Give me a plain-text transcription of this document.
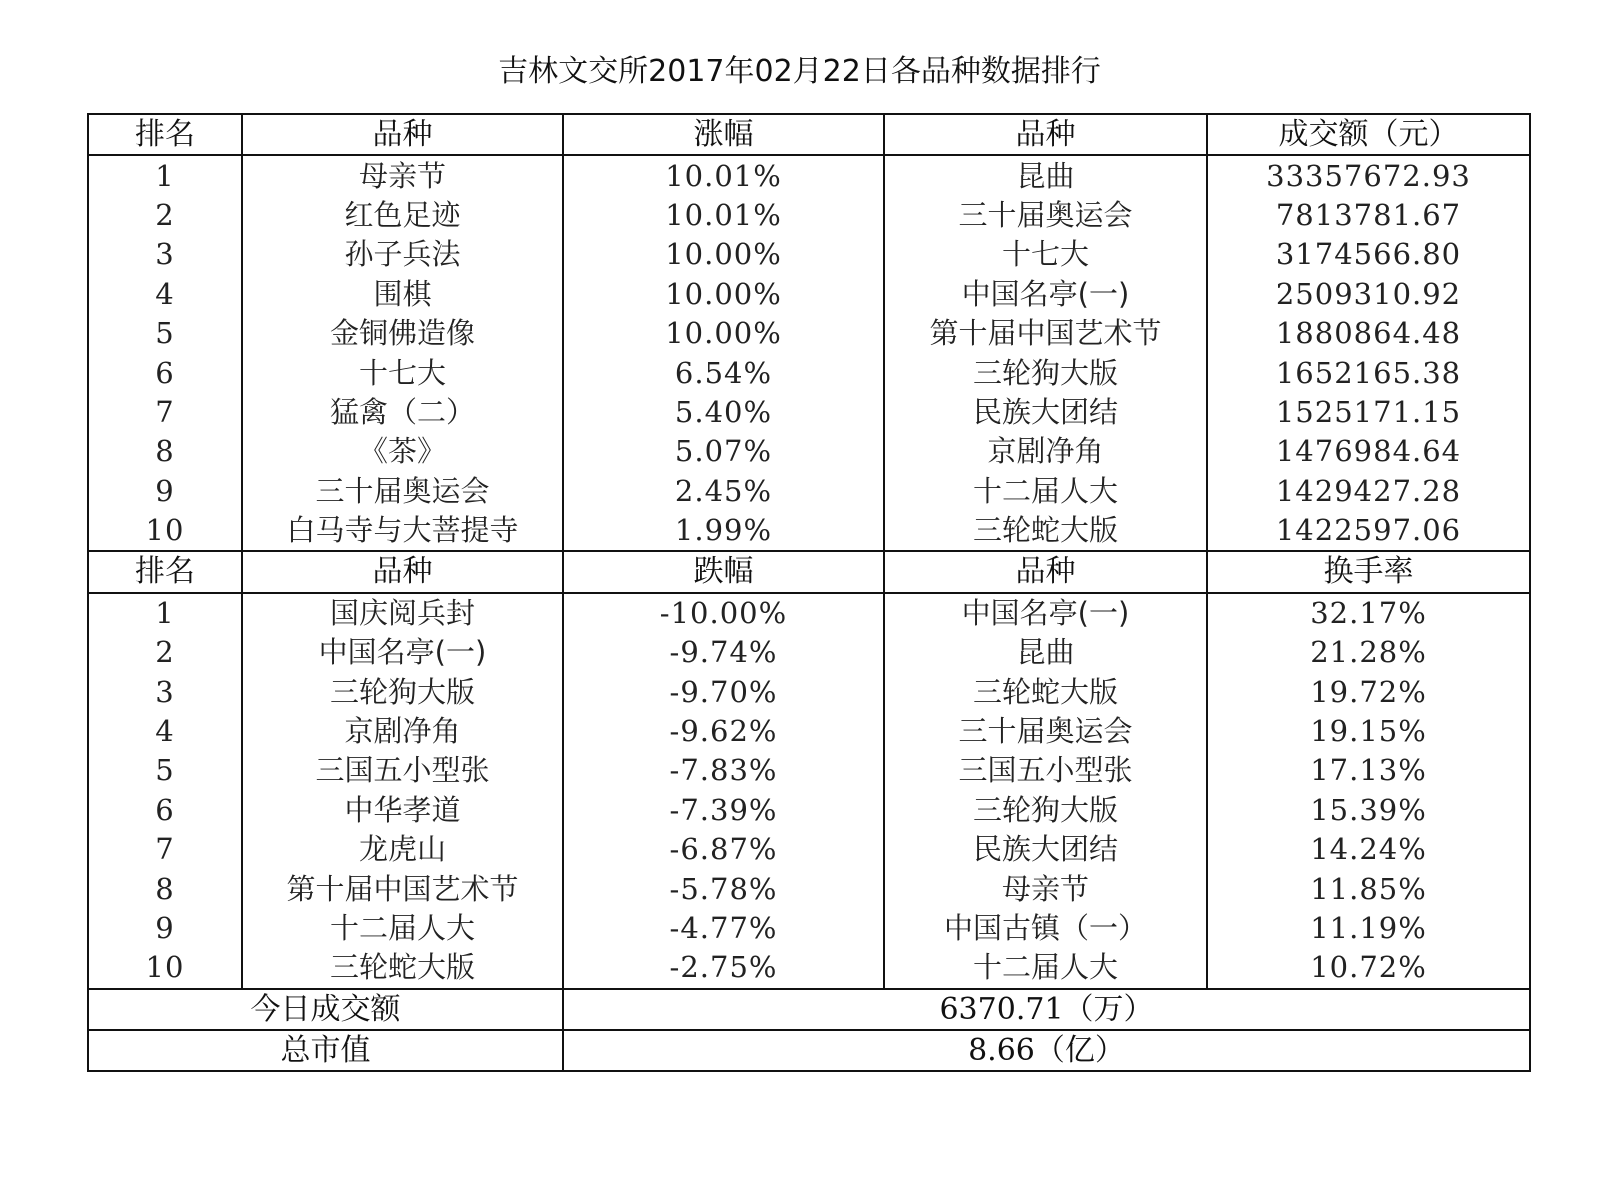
吉林文交所2017年02月22日各品种数据排行
排名	品种	涨幅	品种	成交额（元）
1	母亲节	10.01%	昆曲	33357672.93
2	红色足迹	10.01%	三十届奥运会	7813781.67
3	孙子兵法	10.00%	十七大	3174566.80
4	围棋	10.00%	中国名亭(一)	2509310.92
5	金铜佛造像	10.00%	第十届中国艺术节	1880864.48
6	十七大	6.54%	三轮狗大版	1652165.38
7	猛禽（二）	5.40%	民族大团结	1525171.15
8	《茶》	5.07%	京剧净角	1476984.64
9	三十届奥运会	2.45%	十二届人大	1429427.28
10	白马寺与大菩提寺	1.99%	三轮蛇大版	1422597.06
排名	品种	跌幅	品种	换手率
1	国庆阅兵封	-10.00%	中国名亭(一)	32.17%
2	中国名亭(一)	-9.74%	昆曲	21.28%
3	三轮狗大版	-9.70%	三轮蛇大版	19.72%
4	京剧净角	-9.62%	三十届奥运会	19.15%
5	三国五小型张	-7.83%	三国五小型张	17.13%
6	中华孝道	-7.39%	三轮狗大版	15.39%
7	龙虎山	-6.87%	民族大团结	14.24%
8	第十届中国艺术节	-5.78%	母亲节	11.85%
9	十二届人大	-4.77%	中国古镇（一）	11.19%
10	三轮蛇大版	-2.75%	十二届人大	10.72%
今日成交额		6370.71（万）		
总市值		8.66（亿）		
